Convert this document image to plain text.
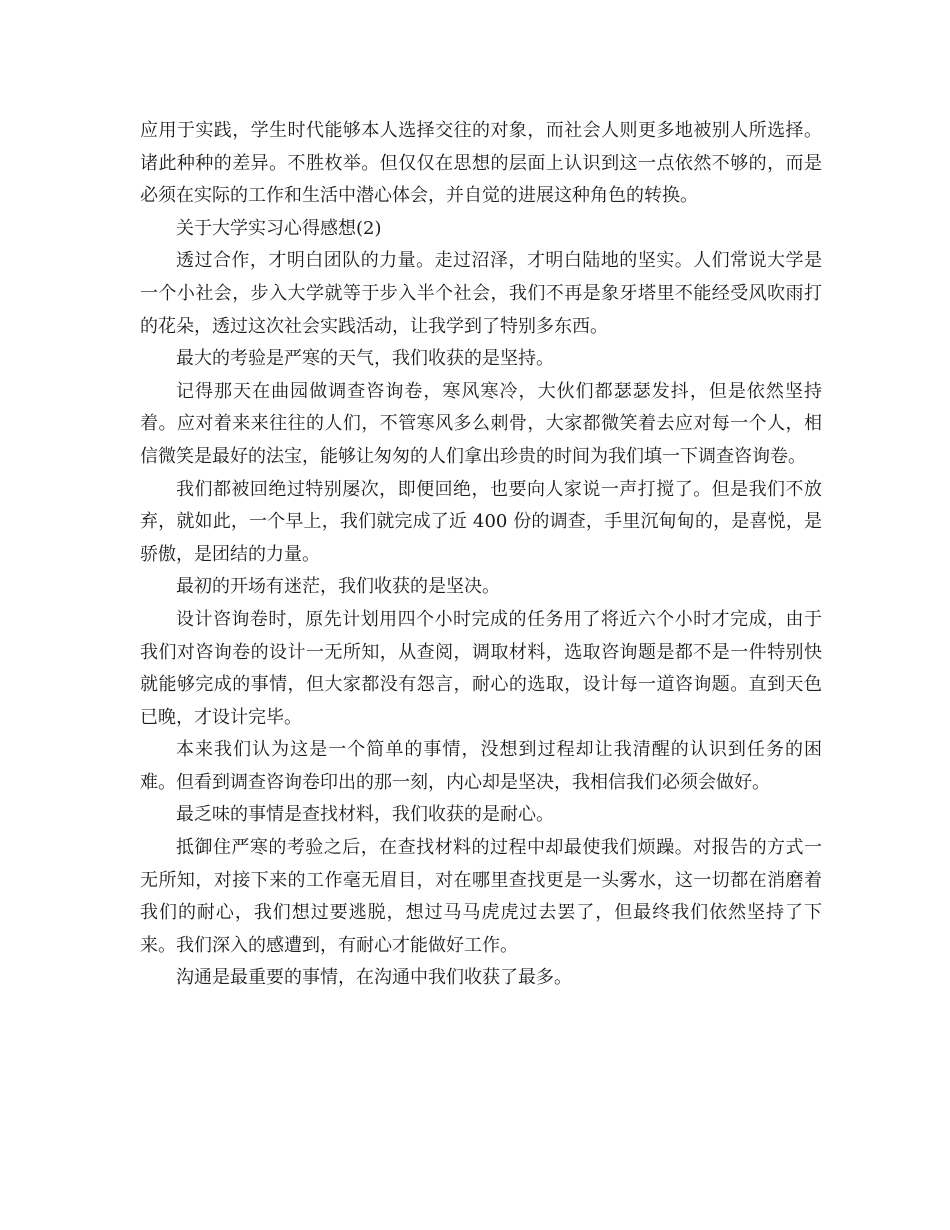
应用于实践，学生时代能够本人选择交往的对象，而社会人则更多地被别人所选择。诸此种种的差异。不胜枚举。但仅仅在思想的层面上认识到这一点依然不够的，而是必须在实际的工作和生活中潜心体会，并自觉的进展这种角色的转换。

关于大学实习心得感想(2)

透过合作，才明白团队的力量。走过沼泽，才明白陆地的坚实。人们常说大学是一个小社会，步入大学就等于步入半个社会，我们不再是象牙塔里不能经受风吹雨打的花朵，透过这次社会实践活动，让我学到了特别多东西。

最大的考验是严寒的天气，我们收获的是坚持。

记得那天在曲园做调查咨询卷，寒风寒冷，大伙们都瑟瑟发抖，但是依然坚持着。应对着来来往往的人们，不管寒风多么刺骨，大家都微笑着去应对每一个人，相信微笑是最好的法宝，能够让匆匆的人们拿出珍贵的时间为我们填一下调查咨询卷。

我们都被回绝过特别屡次，即便回绝，也要向人家说一声打搅了。但是我们不放弃，就如此，一个早上，我们就完成了近 400 份的调查，手里沉甸甸的，是喜悦，是骄傲，是团结的力量。

最初的开场有迷茫，我们收获的是坚决。

设计咨询卷时，原先计划用四个小时完成的任务用了将近六个小时才完成，由于我们对咨询卷的设计一无所知，从查阅，调取材料，选取咨询题是都不是一件特别快就能够完成的事情，但大家都没有怨言，耐心的选取，设计每一道咨询题。直到天色已晚，才设计完毕。

本来我们认为这是一个简单的事情，没想到过程却让我清醒的认识到任务的困难。但看到调查咨询卷印出的那一刻，内心却是坚决，我相信我们必须会做好。

最乏味的事情是查找材料，我们收获的是耐心。

抵御住严寒的考验之后，在查找材料的过程中却最使我们烦躁。对报告的方式一无所知，对接下来的工作毫无眉目，对在哪里查找更是一头雾水，这一切都在消磨着我们的耐心，我们想过要逃脱，想过马马虎虎过去罢了，但最终我们依然坚持了下来。我们深入的感遭到，有耐心才能做好工作。

沟通是最重要的事情，在沟通中我们收获了最多。
